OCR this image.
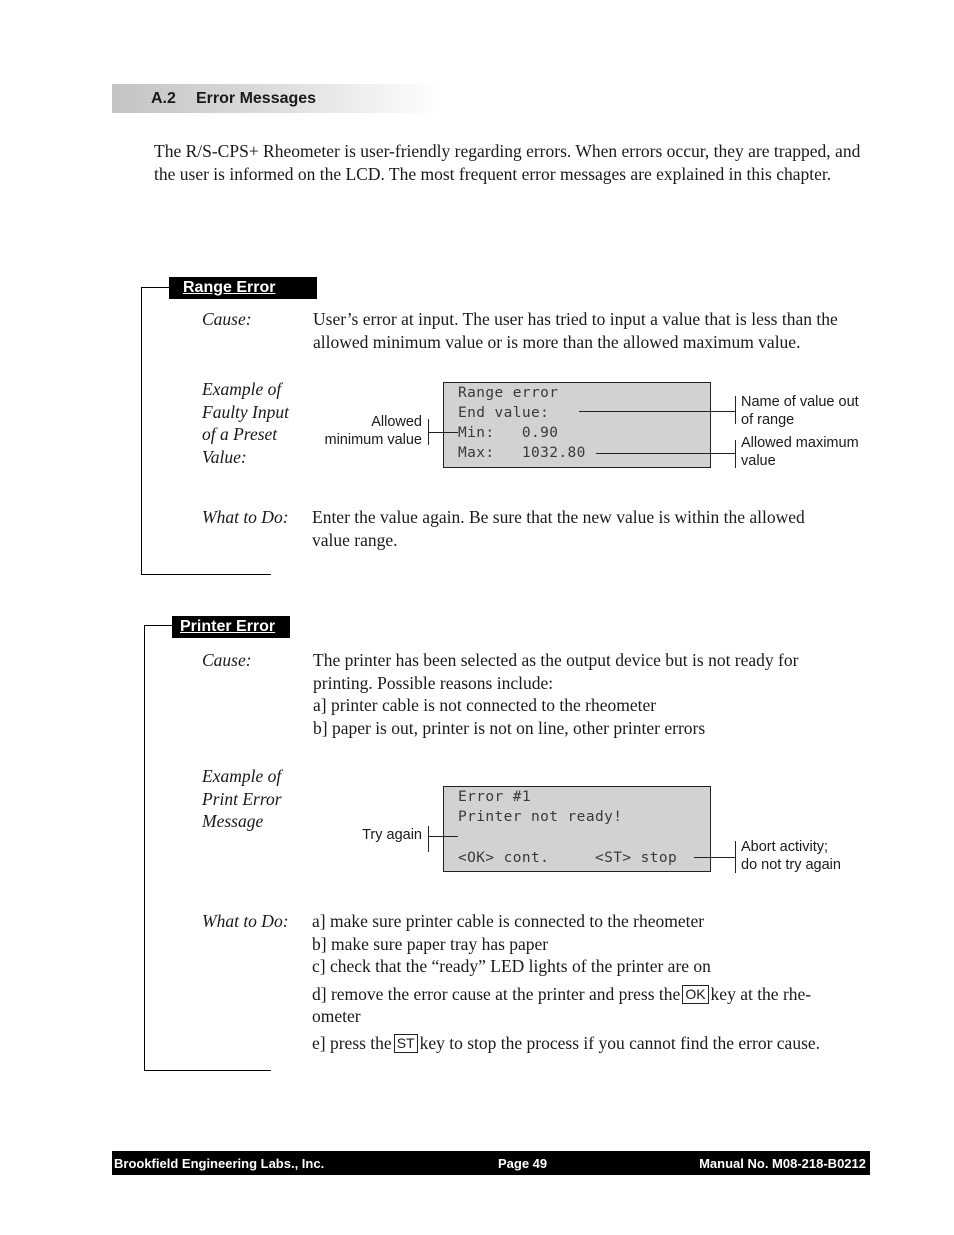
A.2 Error Messages
The R/S-CPS+ Rheometer is user-friendly regarding errors. When errors occur, they are trapped, and the user is informed on the LCD. The most frequent error messages are explained in this chapter.
Range Error
Cause:	User’s error at input. The user has tried to input a value that is less than the allowed minimum value or is more than the allowed maximum value.
Example of
Faulty Input
of a Preset
Value:
Range error
End value:
Min:   0.90
Max:   1032.80
Allowed
minimum value
Name of value out
of range
Allowed maximum
value
What to Do: Enter the value again. Be sure that the new value is within the allowed
value range.
Printer Error
Cause:	The printer has been selected as the output device but is not ready for
printing. Possible reasons include:
a] printer cable is not connected to the rheometer
b] paper is out, printer is not on line, other printer errors
Example of
Print Error
Message
Error #1
Printer not ready!
<OK> cont.     <ST> stop
Try again
Abort activity;
do not try again
What to Do: a] make sure printer cable is connected to the rheometer
b] make sure paper tray has paper
c] check that the “ready” LED lights of the printer are on
d] remove the error cause at the printer and press the OK key at the rhe-
ometer
e] press the ST key to stop the process if you cannot find the error cause.
Brookfield Engineering Labs., Inc.	Page 49	Manual No. M08-218-B0212
